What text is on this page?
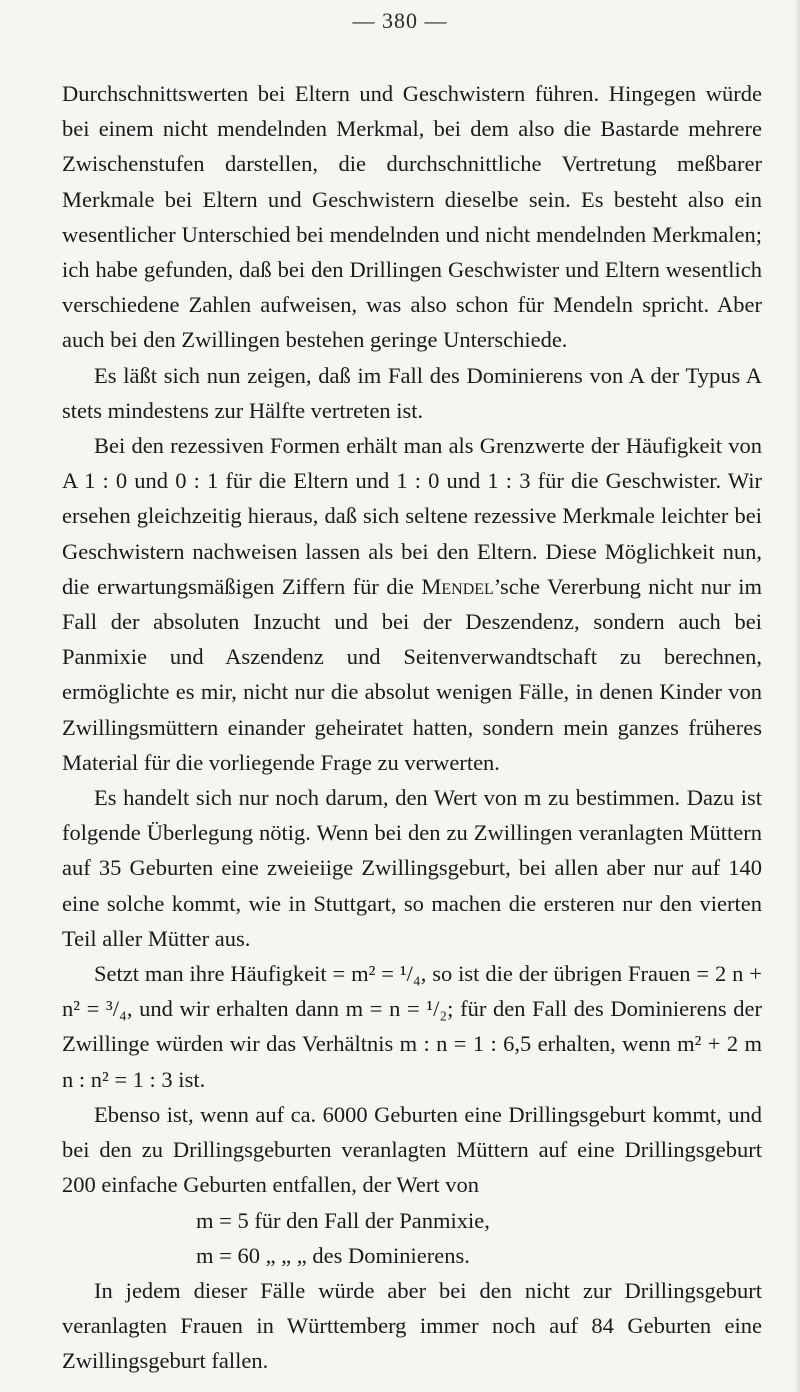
— 380 —

Durchschnittswerten bei Eltern und Geschwistern führen. Hingegen würde bei einem nicht mendelnden Merkmal, bei dem also die Bastarde mehrere Zwischenstufen darstellen, die durchschnittliche Vertretung meßbarer Merkmale bei Eltern und Geschwistern dieselbe sein. Es besteht also ein wesentlicher Unterschied bei mendelnden und nicht mendelnden Merkmalen; ich habe gefunden, daß bei den Drillingen Geschwister und Eltern wesentlich verschiedene Zahlen aufweisen, was also schon für Mendeln spricht. Aber auch bei den Zwillingen bestehen geringe Unterschiede.

Es läßt sich nun zeigen, daß im Fall des Dominierens von A der Typus A stets mindestens zur Hälfte vertreten ist.

Bei den rezessiven Formen erhält man als Grenzwerte der Häufigkeit von A 1 : 0 und 0 : 1 für die Eltern und 1 : 0 und 1 : 3 für die Geschwister. Wir ersehen gleichzeitig hieraus, daß sich seltene rezessive Merkmale leichter bei Geschwistern nachweisen lassen als bei den Eltern. Diese Möglichkeit nun, die erwartungsmäßigen Ziffern für die Mendel’sche Vererbung nicht nur im Fall der absoluten Inzucht und bei der Deszendenz, sondern auch bei Panmixie und Aszendenz und Seitenverwandtschaft zu berechnen, ermöglichte es mir, nicht nur die absolut wenigen Fälle, in denen Kinder von Zwillingsmüttern einander geheiratet hatten, sondern mein ganzes früheres Material für die vorliegende Frage zu verwerten.

Es handelt sich nur noch darum, den Wert von m zu bestimmen. Dazu ist folgende Überlegung nötig. Wenn bei den zu Zwillingen veranlagten Müttern auf 35 Geburten eine zweieiige Zwillingsgeburt, bei allen aber nur auf 140 eine solche kommt, wie in Stuttgart, so machen die ersteren nur den vierten Teil aller Mütter aus.

Setzt man ihre Häufigkeit = m² = ¹/₄, so ist die der übrigen Frauen = 2 n + n² = ³/₄, und wir erhalten dann m = n = ¹/₂; für den Fall des Dominierens der Zwillinge würden wir das Verhältnis m : n = 1 : 6,5 erhalten, wenn m² + 2 m n : n² = 1 : 3 ist.

Ebenso ist, wenn auf ca. 6000 Geburten eine Drillingsgeburt kommt, und bei den zu Drillingsgeburten veranlagten Müttern auf eine Drillingsgeburt 200 einfache Geburten entfallen, der Wert von

m = 5 für den Fall der Panmixie,
m = 60 „ „ „ des Dominierens.

In jedem dieser Fälle würde aber bei den nicht zur Drillingsgeburt veranlagten Frauen in Württemberg immer noch auf 84 Geburten eine Zwillingsgeburt fallen.
